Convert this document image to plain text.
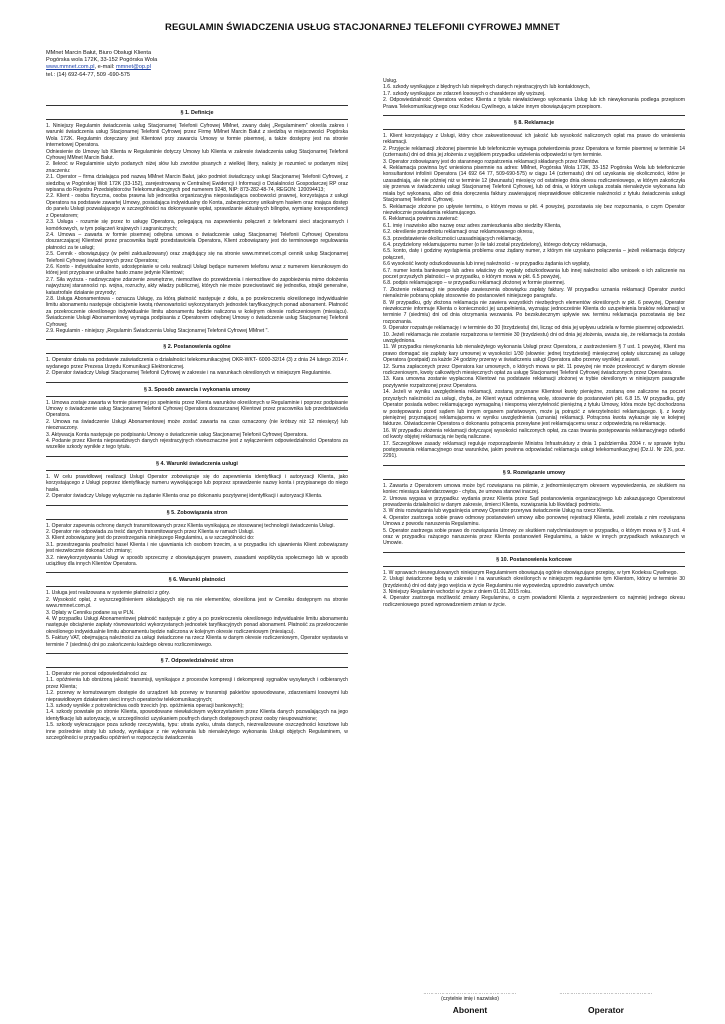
REGULAMIN ŚWIADCZENIA USŁUG STACJONARNEJ TELEFONII CYFROWEJ MMNET
MMnet Marcin Bałut, Biuro Obsługi Klienta
Pogórska wola 172K, 33-152 Pogórska Wola
www.mmnet.com.pl, e-mail: mmnet@op.pl
tel.: (14) 692-64-77, 509 -690-575
§ 1. Definicje

1. Niniejszy Regulamin świadczenia usług Stacjonarnej Telefonii Cyfrowej MMnet, zwany dalej „Regulaminem" określa zakres i warunki świadczenia usług Stacjonarnej Telefonii Cyfrowej przez Firmę MMnet Marcin Bałut z siedzibą w miejscowości Pogórska Wola 172K. Regulamin doręczany jest Klientowi przy zawarciu Umowy w formie pisemnej, a także dostępny jest na stronie internetowej Operatora.

Odniesienie do Umowy lub Klienta w Regulaminie dotyczy Umowy lub Klienta w zakresie świadczenia usług Stacjonarnej Telefonii Cyfrowej MMnet Marcin Bałut.

2. Ilekroć w Regulaminie użyto podanych niżej słów lub zwrotów pisanych z wielkiej litery, należy je rozumieć w podanym niżej znaczeniu:

2.1. Operator – firma działająca pod nazwą MMnet Marcin Bałut, jako podmiot świadczący usługi Stacjonarnej Telefonii Cyfrowej, z siedzibą w Pogórskiej Woli 172K (33-152), zarejestrowaną w Centralnej Ewidencji i Informacji o Działalności Gospodarczej RP oraz wpisana do Rejestru Przedsiębiorców Telekomunikacyjnych pod numerem 9248, NIP: 873-282-48-74, REGON: 120094413;

2.2. Klient - osoba fizyczna, osoba prawna lub jednostka organizacyjna nieposiadająca osobowości prawnej, korzystająca z usługi Operatora na podstawie zawartej Umowy, posiadająca indywidualny do Konta, zabezpieczony unikalnym hasłem oraz mająca dostęp do panelu Usługi pozwalającego w szczególności na dokonywanie wpłat, sprawdzanie aktualnych bilingów, wymianę korespondencji z Operatorem;

2.3. Usługa - rozumie się przez to usługę Operatora, polegającą na zapewnieniu połączeń z telefonami sieci stacjonarnych i komórkowych, w tym połączeń krajowych i zagranicznych;

2.4. Umowa – zawarta w formie pisemnej odrębna umowa o świadczenie usług Stacjonarnej Telefonii Cyfrowej Operatora doszarczającej Klientowi przez pracownika bądź przedstawiciela Operatora, Klient zobowiązany jest do terminowego regulowania płatności za te usługi;

2.5. Cennik - obowiązujący (w pełni zaktualizowany) oraz znajdujący się na stronie www.mmnet.com.pl cennik usług Stacjonarnej Telefonii Cyfrowej świadczonych przez Operatora;

2.6. Konto - indywidualne konto, udostępnianie w celu realizacji Usługi będące numerem telefonu wraz z numerem kierunkowym do której jest przypisane unikalne hasło znane jedynie Klientowi;

2.7. Siła wyższa - nadzwyczajne zdarzenie zewnętrzne, niemożliwe do przewidzenia i niemożliwe do zapobieżenia mimo dołożenia najwyższej staranności np. wojna, rozruchy, akty władzy publicznej, których nie może przeciwstawić się jednostka, strajki generalne, katastrofale działanie przyrody;

2.8. Usługa Abonamentowa - oznacza Usługę, za którą płatność następuje z dołu, a po przekroczeniu określonego indywidualnie limitu abonamentu następuje obciążenie kwotą równowartości wykorzystanych jednostek taryfikacyjnych ponad abonament. Płatność za przekroczenie określonego indywidualnie limitu abonamentu będzie naliczona w kolejnym okresie rozliczeniowym (miesiącu). Świadczenie Usługi Abonamentowej wymaga podpisania z Operatorem odrębnej Umowy o świadczenie usług Stacjonarnej Telefonii Cyfrowej;

2.9. Regulamin - niniejszy „Regulamin Świadczenia Usług Stacjonarnej Telefonii Cyfrowej MMnet ".

§ 2. Postanowienia ogólne

1. Operator działa na podstawie zaświadczenia o działalności telekomunikacyjnej OKR-WKT- 6000-32/14 (3) z dnia 24 lutego 2014 r. wydanego przez Prezesa Urzędu Komunikacji Elektronicznej.

2. Operator świadczy Usługi Stacjonarnej Telefonii Cyfrowej w zakresie i na warunkach określonych w niniejszym Regulaminie.

§ 3. Sposób zawarcia i wykonania umowy

1. Umowa zostaje zawarta w formie pisemnej po spełnieniu przez Klienta warunków określonych w Regulaminie i poprzez podpisanie Umowy o świadczenie usług Stacjonarnej Telefonii Cyfrowej Operatora doszarczanej Klientowi przez pracownika lub przedstawiciela Operatora.

2. Umowa na świadczenie Usługi Abonamentowej może zostać zawarta na czas oznaczony (nie krótszy niż 12 miesięcy) lub nieoznaczony.

3. Aktywacja Konta następuje po podpisaniu Umowy o świadczenie usług Stacjonarnej Telefonii Cyfrowej Operatora.

4. Podanie przez Klienta nieprawdziwych danych rejestracyjnych równoznaczne jest z wyłączeniem odpowiedzialności Operatora za wszelkie szkody wynikłe z tego tytułu.

§ 4. Warunki świadczenia usługi

1. W celu prawidłowej realizacji Usługi Operator zobowiązuje się do zapewnienia identyfikacji i autoryzacji Klienta, jako korzystającego z Usługi poprzez identyfikację numeru wywołującego lub poprzez sprawdzenie nazwy konta i przypisanego do niego hasła.

2. Operator świadczy Usługę wyłącznie na żądanie Klienta oraz po dokonaniu pozytywnej identyfikacji i autoryzacji Klienta.

§ 5. Zobowiązania stron

1. Operator zapewnia ochronę danych transmitowanych przez Klienta wynikającą ze stosowanej technologii świadczenia Usługi.

2. Operator nie odpowiada za treść danych transmitowanych przez Klienta w ramach Usługi.

3. Klient zobowiązany jest do przestrzegania niniejszego Regulaminu, a w szczególności do:

3.1. przestrzegania poufności haseł Klienta i nie ujawniania ich osobom trzecim, a w przypadku ich ujawnienia Klient zobowiązany jest niezwłocznie dokonać ich zmiany;

3.2. niewykorzystywania Usługi w sposób sprzeczny z obowiązującym prawem, zasadami współżycia społecznego lub w sposób uciążliwy dla innych Klientów Operatora.

§ 6. Warunki płatności

1. Usługa jest realizowana w systemie płatności z góry.

2. Wysokość opłat, z wyszczególnieniem składających się na nie elementów, określona jest w Cenniku dostępnym na stronie www.mmnet.com.pl.

3. Opłaty w Cenniku podane są w PLN.

4. W przypadku Usługi Abonamentowej płatność następuje z góry a po przekroczeniu określonego indywidualnie limitu abonamentu następuje obciążenie zapłaty równowartości wykorzystanych jednostek taryfikacyjnych ponad abonament. Płatność za przekroczenie określonego indywidualnie limitu abonamentu będzie naliczona w kolejnym okresie rozliczeniowym (miesiącu).

5. Faktury VAT, obejmującą należności za usługi świadczone na rzecz Klienta w danym okresie rozliczeniowym, Operator wystawia w terminie 7 (siedmiu) dni po zakończeniu każdego okresu rozliczeniowego.

§ 7. Odpowiedzialność stron

1. Operator nie ponosi odpowiedzialności za:

1.1. opóźnienia lub obniżoną jakość transmisji, wynikające z procesów kompresji i dekompresji sygnałów wysyłanych i odbieranych przez Klienta;

1.2. przerwy w komutowanym dostępie do urządzeń lub przerwy w transmisji pakietów spowodowane, zdarzeniami losowymi lub nieprawidłowym działaniem sieci innych operatorów telekomunikacyjnych;

1.3. szkody wynikłe z potrzebnictwa osób trzecich (np. opóźnienia operacji bankowych);

1.4. szkody powstałe po stronie Klienta, spowodowane niewłaściwym wykorzystaniem przez Klienta danych pozwalających na jego identyfikację lub autoryzację, w szczególności uzyskaniem poufnych danych dostępowych przez osoby nieupoważnione;

1.5. szkody wykraczające poza szkodę rzeczywistą, typu: utrata zysku, utrata danych, niezrealizowane oszczędności kosztowe lub inne pośrednie straty lub szkody, wynikające z nie wykonania lub nienależytego wykonania Usługi objętych Regulaminem, w szczególności w przypadku opóźnień w rozpoczęciu świadczenia

Usług.

1.6. szkody wynikające z błędnych lub niepełnych danych rejestracyjnych lub kontaktowych,

1.7. szkody wynikające ze zdarzeń losowych o charakterze siły wyższej.

2. Odpowiedzialność Operatora wobec Klienta z tytułu niewłaściwego wykonania Usług lub ich niewykonania podlega przepisom Prawa Telekomunikacyjnego oraz Kodeksu Cywilnego, a także innym obowiązującym przepisom.

§ 8. Reklamacje

1. Klient korzystający z Usługi, który chce zakwestionować ich jakość lub wysokość naliczonych opłat ma prawo do wniesienia reklamacji.

2. Przyjęcie reklamacji złożonej pisemnie lub telefonicznie wymaga potwierdzenia przez Operatora w formie pisemnej w terminie 14 (czternastu) dni od dnia jej złożenia z wyjątkiem przypadku udzielenia odpowiedzi w tym terminie.

3. Operator zobowiązany jest do starannego rozpatrzenia reklamacji składanych przez Klientów.

4. Reklamacja powinna być wniesiona pisemnie na adres: MMnet, Pogórska Wola 172K, 33-152 Pogórska Wola lub telefonicznie konsultantowi infolinii Operatora (14 692 64 77, 509-690-575) w ciągu 14 (czternastu) dni od uzyskania się okoliczności, które je uzasadniają, ale nie później niż w terminie 12 (dwunastu) miesięcy od ostatniego dnia okresu rozliczeniowego, w którym zakończyła się przerwa w świadczeniu usługi Stacjonarnej Telefonii Cyfrowej, lub od dnia, w którym usługa została nienależycie wykonana lub miała być wykonana, albo od dnia doręczenia faktury zawierającej nieprawidłowe obliczenie należności z tytułu świadczenia usługi Stacjonarnej Telefonii Cyfrowej.

5. Reklamacje złożone po upływie terminu, o którym mowa w pkt. 4 powyżej, pozostawia się bez rozpoznania, o czym Operator niezwłocznie powiadamia reklamującego.

6. Reklamacja powinna zawierać:

6.1. imię i nazwisko albo nazwę oraz adres zamieszkania albo siedziby Klienta,

6.2. określenie przedmiotu reklamacji oraz reklamowanego okresu,

6.3. przedstawienie okoliczności uzasadniających reklamację,

6.4. przydzielony reklamującemu numer (o ile taki został przydzielony), którego dotyczy reklamacja,

6.5. konto, datę i godzinę wystąpienia problemu oraz żądany numer, z którym nie uzyskano połączenia – jeżeli reklamacja dotyczy połączeń,

6.6 wysokość kwoty odszkodowania lub innej należności - w przypadku żądania ich wypłaty,

6.7. numer konta bankowego lub adres właściwy do wypłaty odszkodowania lub innej należności albo wniosek o ich zaliczenie na poczet przyszłych płatności – w przypadku, o którym mowa w pkt. 6.5 powyżej,

6.8. podpis reklamującego – w przypadku reklamacji złożonej w formie pisemnej.

7. Złożenie reklamacji nie powoduje zawieszenia obowiązku zapłaty faktury. W przypadku uznania reklamacji Operator zwróci nienależnie pobraną opłatę stosownie do postanowień niniejszego paragrafu.

8. W przypadku, gdy złożona reklamacja nie zawiera wszystkich niezbędnych elementów określonych w pkt. 6 powyżej, Operator niezwłocznie informuje Klienta o konieczności jej uzupełnienia, wyznając jednocześnie Klienta do uzupełnienia braków reklamacji w terminie 7 (siedmiu) dni od dnia otrzymania wezwania. Po bezskutecznym upływie ww. terminu reklamacja pozostawia się bez rozpoznania.

9. Operator rozpatruje reklamację i w terminie do 30 (trzydziestu) dni, licząc od dnia jej wpływu udziela w formie pisemnej odpowiedzi.

10. Jeżeli reklamacja nie zostanie rozpatrzona w terminie 30 (trzydziestu) dni od dnia jej złożenia, uważa się, że reklamacja ta została uwzględniona.

11. W przypadku niewykonania lub nienależytego wykonania Usługi przez Operatora, z zastrzeżeniem § 7 ust. 1 powyżej, Klient ma prawo domagać się zapłaty kary umownej w wysokości 1/30 (słownie: jednej trzydziestej) miesięcznej opłaty uiszczanej za usługę Operatora (postpaid) za każde 24 godziny przerwy w świadczeniu usługi Operatora albo przerwy wynikłej z awarii.

12. Suma zapłaconych przez Operatora kar umownych, o których mowa w pkt. 11 powyżej nie może przekroczyć w danym okresie rozliczeniowym, kwoty całkowitych miesięcznych opłat za usługę Stacjonarnej Telefonii Cyfrowej świadczonych przez Operatora.

13. Kara umowna zostanie wypłacona Klientowi na podstawie reklamacji złożonej w trybie określonym w niniejszym paragrafie pozytywnie rozpatrzonej przez Operatora.

14. Jeżeli w wyniku uwzględnienia reklamacji, zostaną przyznane Klientowi kwoty pieniężne, zostaną one zaliczone na poczet przyszłych należności za usługi, chyba, że Klient wyrazi odmienną wolę, stosownie do postanowień pkt. 6.8 15. W przypadku, gdy Operator posiada wobec reklamującego wymagalną i niesporną wierzytelność pieniężną z tytułu Umowy, która może być dochodzona w postępowaniu przed sądem lub innym organem państwowym, może ją potrącić z wierzytelności reklamującego. Ij. z kwoty pieniężnej przyznającej reklamującemu w wyniku uwzględnienia (uznania) reklamacji. Potrącona kwota wykazuje się w kolejnej fakturze. Oświadczenie Operatora o dokonaniu potrącenia przesyłane jest reklamującemu wraz z odpowiedzią na reklamację.

16. W przypadku złożenia reklamacji dotyczącej wysokości naliczonych opłat, za czas trwania postępowania reklamacyjnego odsetki od kwoty objętej reklamacją nie będą naliczane.

17. Szczegółowe zasady reklamacji reguluje rozporządzenie Ministra Infrastruktury z dnia 1 października 2004 r. w sprawie trybu postępowania reklamacyjnego oraz warunków, jakim powinna odpowiadać reklamacja usługi telekomunikacyjnej (Dz.U. Nr 226, poz. 2291).

§ 9. Rozwiązanie umowy

1. Zawarta z Operatorem umowa może być rozwiązana na piśmie, z jednomiesięcznym okresem wypowiedzenia, ze skutkiem na koniec miesiąca kalendarzowego - chyba, że umowa stanowi inaczej.

2. Umowa wygasa w przypadku: wydania przez Klienta przez Sąd postanowienia organizacyjnego lub zakazującego Operatorowi prowadzenia działalności w danym zakresie, śmierci Klienta, rozwiązania lub likwidacji podmiotu.

3. W dniu rozwiązania lub wygaśnięcia umowy Operator przerywa świadczenie Usług na rzecz Klienta.

4. Operator zastrzega sobie prawo odmowy postanowień umowy albo ponownej rejestracji Klienta, jeżeli została z nim rozwiązana Umowa z powodu naruszenia Regulaminu.

5. Operator zastrzega sobie prawo do rozwiązania Umowy ze skutkiem natychmiastowym w przypadku, o którym mowa w § 3 ust. 4 oraz w przypadku rażącego naruszenia przez Klienta postanowień Regulaminu, a także w innych przypadkach wskazanych w Umowie.

§ 10. Postanowienia końcowe

1. W sprawach nieuregulowanych niniejszym Regulaminem obowiązują ogólnie obowiązujące przepisy, w tym Kodeksu Cywilnego.

2. Usługi świadczone będą w zakresie i na warunkach określonych w niniejszym regulaminie tym Klientom, którzy w terminie 30 (trzydziestu) dni od daty jego wejścia w życie Regulaminu nie wypowiedzą uprzednio zawartych umów.

3. Niniejszy Regulamin wchodzi w życie z dniem 01.01.2015 roku.

4. Operator zastrzega możliwość zmiany Regulaminu, o czym powiadomi Klienta z wyprzedzeniem co najmniej jednego okresu rozliczeniowego przed wprowadzeniem zmian w życie.

……………………………………………
(czytelnie imię i nazwisko)
Abonent
……………………………………………
Operator
